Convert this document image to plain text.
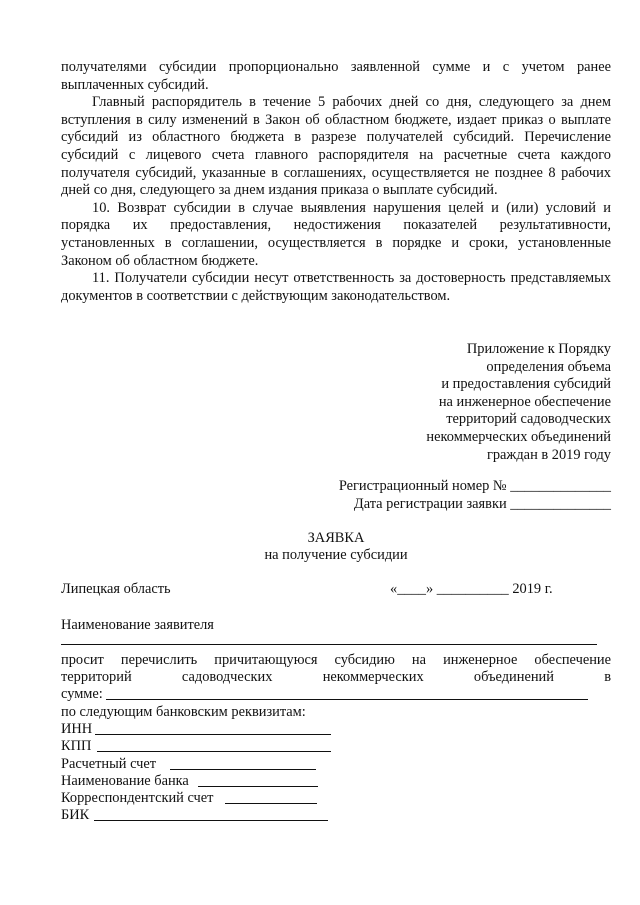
получателями субсидии пропорционально заявленной сумме и с учетом ранее выплаченных субсидий.

Главный распорядитель в течение 5 рабочих дней со дня, следующего за днем вступления в силу изменений в Закон об областном бюджете, издает приказ о выплате субсидий из областного бюджета в разрезе получателей субсидий. Перечисление субсидий с лицевого счета главного распорядителя на расчетные счета каждого получателя субсидий, указанные в соглашениях, осуществляется не позднее 8 рабочих дней со дня, следующего за днем издания приказа о выплате субсидий.

10. Возврат субсидии в случае выявления нарушения целей и (или) условий и порядка их предоставления, недостижения показателей результативности, установленных в соглашении, осуществляется в порядке и сроки, установленные Законом об областном бюджете.

11. Получатели субсидии несут ответственность за достоверность представляемых документов в соответствии с действующим законодательством.

Приложение к Порядку
определения объема
и предоставления субсидий
на инженерное обеспечение
территорий садоводческих
некоммерческих объединений
граждан в 2019 году
Регистрационный номер № ______________
Дата регистрации заявки ______________
ЗАЯВКА
на получение субсидии
Липецкая область	«____» __________ 2019 г.
Наименование заявителя
просит перечислить причитающуюся субсидию на инженерное обеспечение
территорий садоводческих некоммерческих объединений в
сумме:
по следующим банковским реквизитам:
ИНН
КПП
Расчетный счет
Наименование банка
Корреспондентский счет
БИК
